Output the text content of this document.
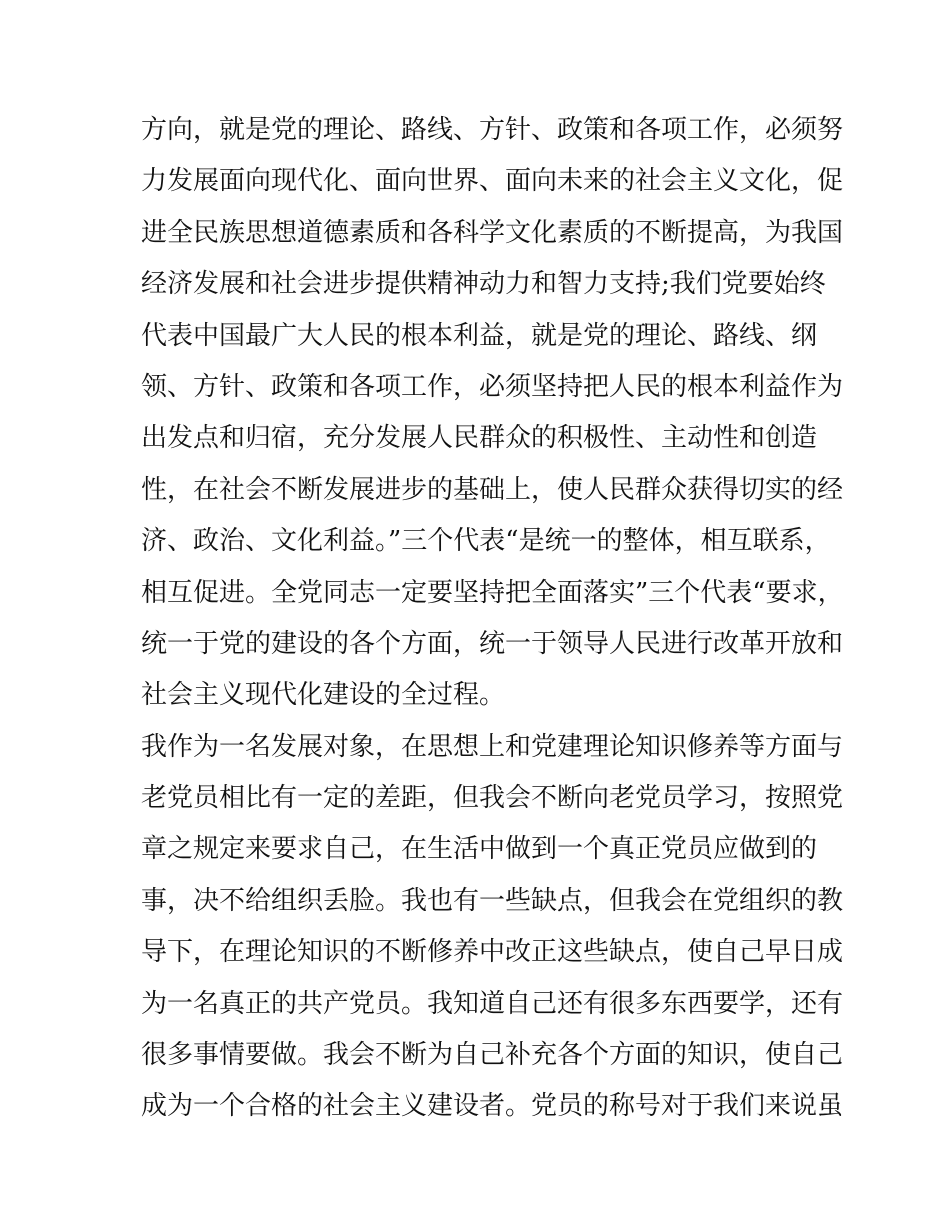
方向，就是党的理论、路线、方针、政策和各项工作，必须努
力发展面向现代化、面向世界、面向未来的社会主义文化，促
进全民族思想道德素质和各科学文化素质的不断提高，为我国
经济发展和社会进步提供精神动力和智力支持;我们党要始终
代表中国最广大人民的根本利益，就是党的理论、路线、纲
领、方针、政策和各项工作，必须坚持把人民的根本利益作为
出发点和归宿，充分发展人民群众的积极性、主动性和创造
性，在社会不断发展进步的基础上，使人民群众获得切实的经
济、政治、文化利益。”三个代表“是统一的整体，相互联系，
相互促进。全党同志一定要坚持把全面落实”三个代表“要求，
统一于党的建设的各个方面，统一于领导人民进行改革开放和
社会主义现代化建设的全过程。
我作为一名发展对象，在思想上和党建理论知识修养等方面与
老党员相比有一定的差距，但我会不断向老党员学习，按照党
章之规定来要求自己，在生活中做到一个真正党员应做到的
事，决不给组织丢脸。我也有一些缺点，但我会在党组织的教
导下，在理论知识的不断修养中改正这些缺点，使自己早日成
为一名真正的共产党员。我知道自己还有很多东西要学，还有
很多事情要做。我会不断为自己补充各个方面的知识，使自己
成为一个合格的社会主义建设者。党员的称号对于我们来说虽
